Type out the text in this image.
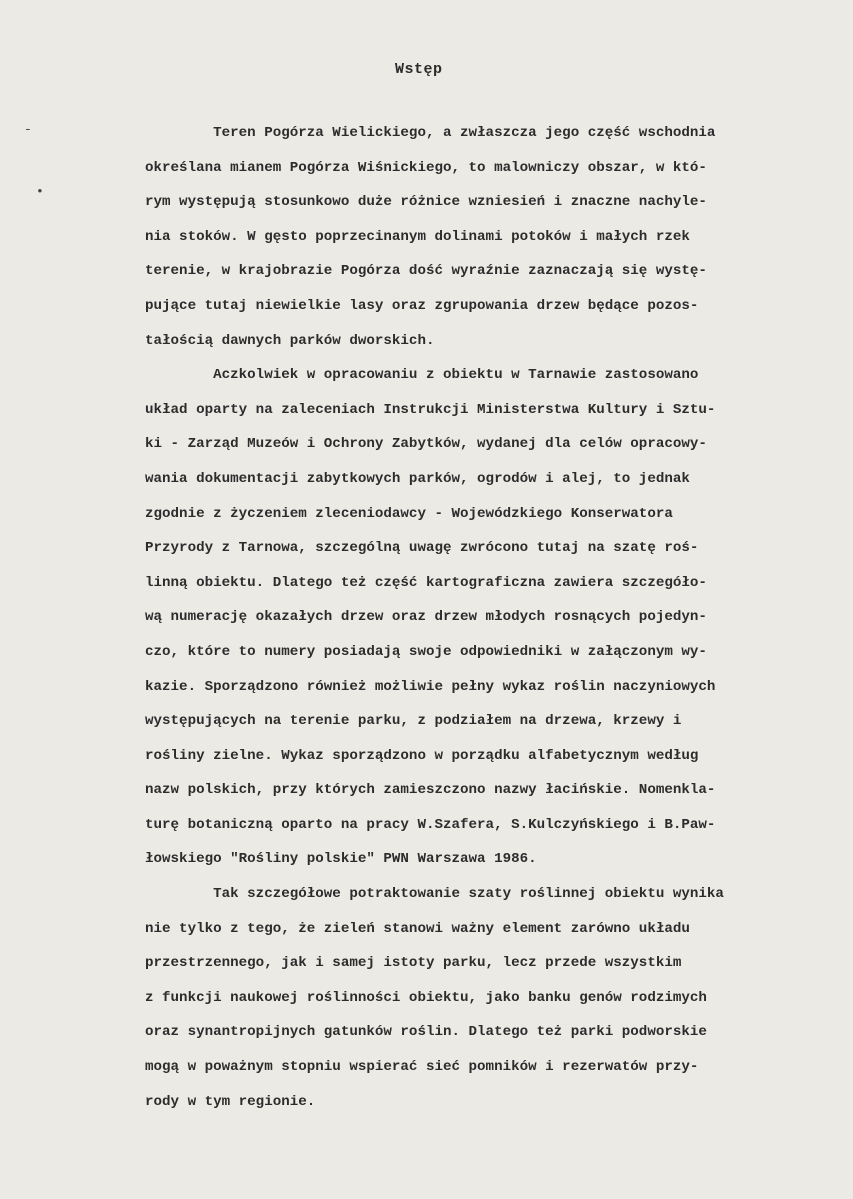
Wstęp
-
•
Teren Pogórza Wielickiego, a zwłaszcza jego część wschodnia
określana mianem Pogórza Wiśnickiego, to malowniczy obszar, w któ-
rym występują stosunkowo duże różnice wzniesień i znaczne nachyle-
nia stoków. W gęsto poprzecinanym dolinami potoków i małych rzek
terenie, w krajobrazie Pogórza dość wyraźnie zaznaczają się wystę-
pujące tutaj niewielkie lasy oraz zgrupowania drzew będące pozos-
tałością dawnych parków dworskich.
Aczkolwiek w opracowaniu z obiektu w Tarnawie zastosowano
układ oparty na zaleceniach Instrukcji Ministerstwa Kultury i Sztu-
ki - Zarząd Muzeów i Ochrony Zabytków, wydanej dla celów opracowy-
wania dokumentacji zabytkowych parków, ogrodów i alej, to jednak
zgodnie z życzeniem zleceniodawcy - Wojewódzkiego Konserwatora
Przyrody z Tarnowa, szczególną uwagę zwrócono tutaj na szatę roś-
linną obiektu. Dlatego też część kartograficzna zawiera szczegóło-
wą numerację okazałych drzew oraz drzew młodych rosnących pojedyn-
czo, które to numery posiadają swoje odpowiedniki w załączonym wy-
kazie. Sporządzono również możliwie pełny wykaz roślin naczyniowych
występujących na terenie parku, z podziałem na drzewa, krzewy i
rośliny zielne. Wykaz sporządzono w porządku alfabetycznym według
nazw polskich, przy których zamieszczono nazwy łacińskie. Nomenkla-
turę botaniczną oparto na pracy W.Szafera, S.Kulczyńskiego i B.Paw-
łowskiego "Rośliny polskie" PWN Warszawa 1986.
Tak szczegółowe potraktowanie szaty roślinnej obiektu wynika
nie tylko z tego, że zieleń stanowi ważny element zarówno układu
przestrzennego, jak i samej istoty parku, lecz przede wszystkim
z funkcji naukowej roślinności obiektu, jako banku genów rodzimych
oraz synantropijnych gatunków roślin. Dlatego też parki podworskie
mogą w poważnym stopniu wspierać sieć pomników i rezerwatów przy-
rody w tym regionie.
